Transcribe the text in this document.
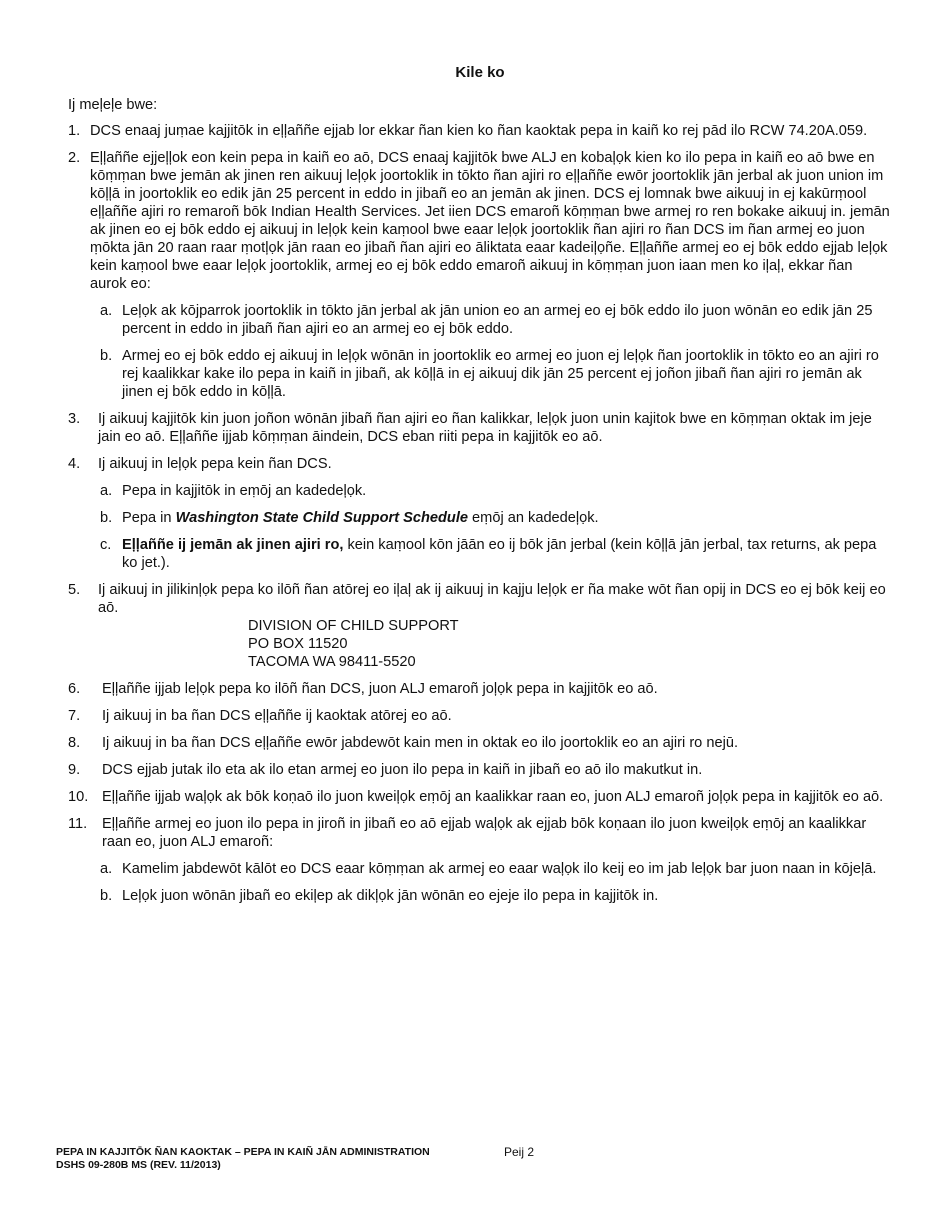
Kile ko

Ij meļeļe bwe:

1. DCS enaaj juṃae kajjitōk in eļļaññe ejjab lor ekkar ñan kien ko ñan kaoktak pepa in kaiñ ko rej pād ilo RCW 74.20A.059.
2. Eļļaññe ejjeļļok eon kein pepa in kaiñ eo aō, DCS enaaj kajjitōk bwe ALJ en kobaļọk kien ko ilo pepa in kaiñ eo aō bwe en kōṃṃan bwe jemān ak jinen ren aikuuj leļọk joortoklik in tōkto ñan ajiri ro eļļaññe ewōr joortoklik jān jerbal ak juon union im kōļļā in joortoklik eo edik jān 25 percent in eddo in jibañ eo an jemān ak jinen. DCS ej lomnak bwe aikuuj in ej kakūrṃool eļļaññe ajiri ro remaroñ bōk Indian Health Services. Jet iien DCS emaroñ kōṃṃan bwe armej ro ren bokake aikuuj in. jemān ak jinen eo ej bōk eddo ej aikuuj in leļọk kein kaṃool bwe eaar leļọk joortoklik ñan ajiri ro ñan DCS im ñan armej eo juon ṃōkta jān 20 raan raar ṃotļọk jān raan eo jibañ ñan ajiri eo āliktata eaar kadeiļọñe. Eļļaññe armej eo ej bōk eddo ejjab leļọk kein kaṃool bwe eaar leļọk joortoklik, armej eo ej bōk eddo emaroñ aikuuj in kōṃṃan juon iaan men ko iļaļ, ekkar ñan aurok eo:
a. Leļọk ak kōjparrok joortoklik in tōkto jān jerbal ak jān union eo an armej eo ej bōk eddo ilo juon wōnān eo edik jān 25 percent in eddo in jibañ ñan ajiri eo an armej eo ej bōk eddo.
b. Armej eo ej bōk eddo ej aikuuj in leļọk wōnān in joortoklik eo armej eo juon ej leļọk ñan joortoklik in tōkto eo an ajiri ro rej kaalikkar kake ilo pepa in kaiñ in jibañ, ak kōļļā in ej aikuuj dik jān 25 percent ej joñon jibañ ñan ajiri ro jemān ak jinen ej bōk eddo in kōļļā.
3. Ij aikuuj kajjitōk kin juon joñon wōnān jibañ ñan ajiri eo ñan kalikkar, leļọk juon unin kajitok bwe en kōṃṃan oktak im jeje jain eo aō. Eļļaññe ijjab kōṃṃan āindein, DCS eban riiti pepa in kajjitōk eo aō.
4. Ij aikuuj in leļọk pepa kein ñan DCS.
a. Pepa in kajjitōk in eṃōj an kadedeļọk.
b. Pepa in Washington State Child Support Schedule eṃōj an kadedeļọk.
c. Eļļaññe ij jemān ak jinen ajiri ro, kein kaṃool kōn jāān eo ij bōk jān jerbal (kein kōļļā jān jerbal, tax returns, ak pepa ko jet.).
5. Ij aikuuj in jilikinļọk pepa ko ilōñ ñan atōrej eo iļaļ ak ij aikuuj in kajju leļọk er ña make wōt ñan opij in DCS eo ej bōk keij eo aō.
DIVISION OF CHILD SUPPORT
PO BOX 11520
TACOMA WA 98411-5520
6. Eļļaññe ijjab leļọk pepa ko ilōñ ñan DCS, juon ALJ emaroñ joļọk pepa in kajjitōk eo aō.
7. Ij aikuuj in ba ñan DCS eļļaññe ij kaoktak atōrej eo aō.
8. Ij aikuuj in ba ñan DCS eļļaññe ewōr jabdewōt kain men in oktak eo ilo joortoklik eo an ajiri ro nejū.
9. DCS ejjab jutak ilo eta ak ilo etan armej eo juon ilo pepa in kaiñ in jibañ eo aō ilo makutkut in.
10. Eļļaññe ijjab waļọk ak bōk koṇaō ilo juon kweiļọk eṃōj an kaalikkar raan eo, juon ALJ emaroñ joļọk pepa in kajjitōk eo aō.
11. Eļļaññe armej eo juon ilo pepa in jiroñ in jibañ eo aō ejjab waļọk ak ejjab bōk koṇaan ilo juon kweiļọk eṃōj an kaalikkar raan eo, juon ALJ emaroñ:
a. Kamelim jabdewōt kālōt eo DCS eaar kōṃṃan ak armej eo eaar waļọk ilo keij eo im jab leļọk bar juon naan in kōjeļā.
b. Leļọk juon wōnān jibañ eo ekiļep ak dikļọk jān wōnān eo ejeje ilo pepa in kajjitōk in.
PEPA IN KAJJITŌK ÑAN KAOKTAK – PEPA IN KAIÑ JĀN ADMINISTRATION
DSHS 09-280B MS (REV. 11/2013)
Peij 2
